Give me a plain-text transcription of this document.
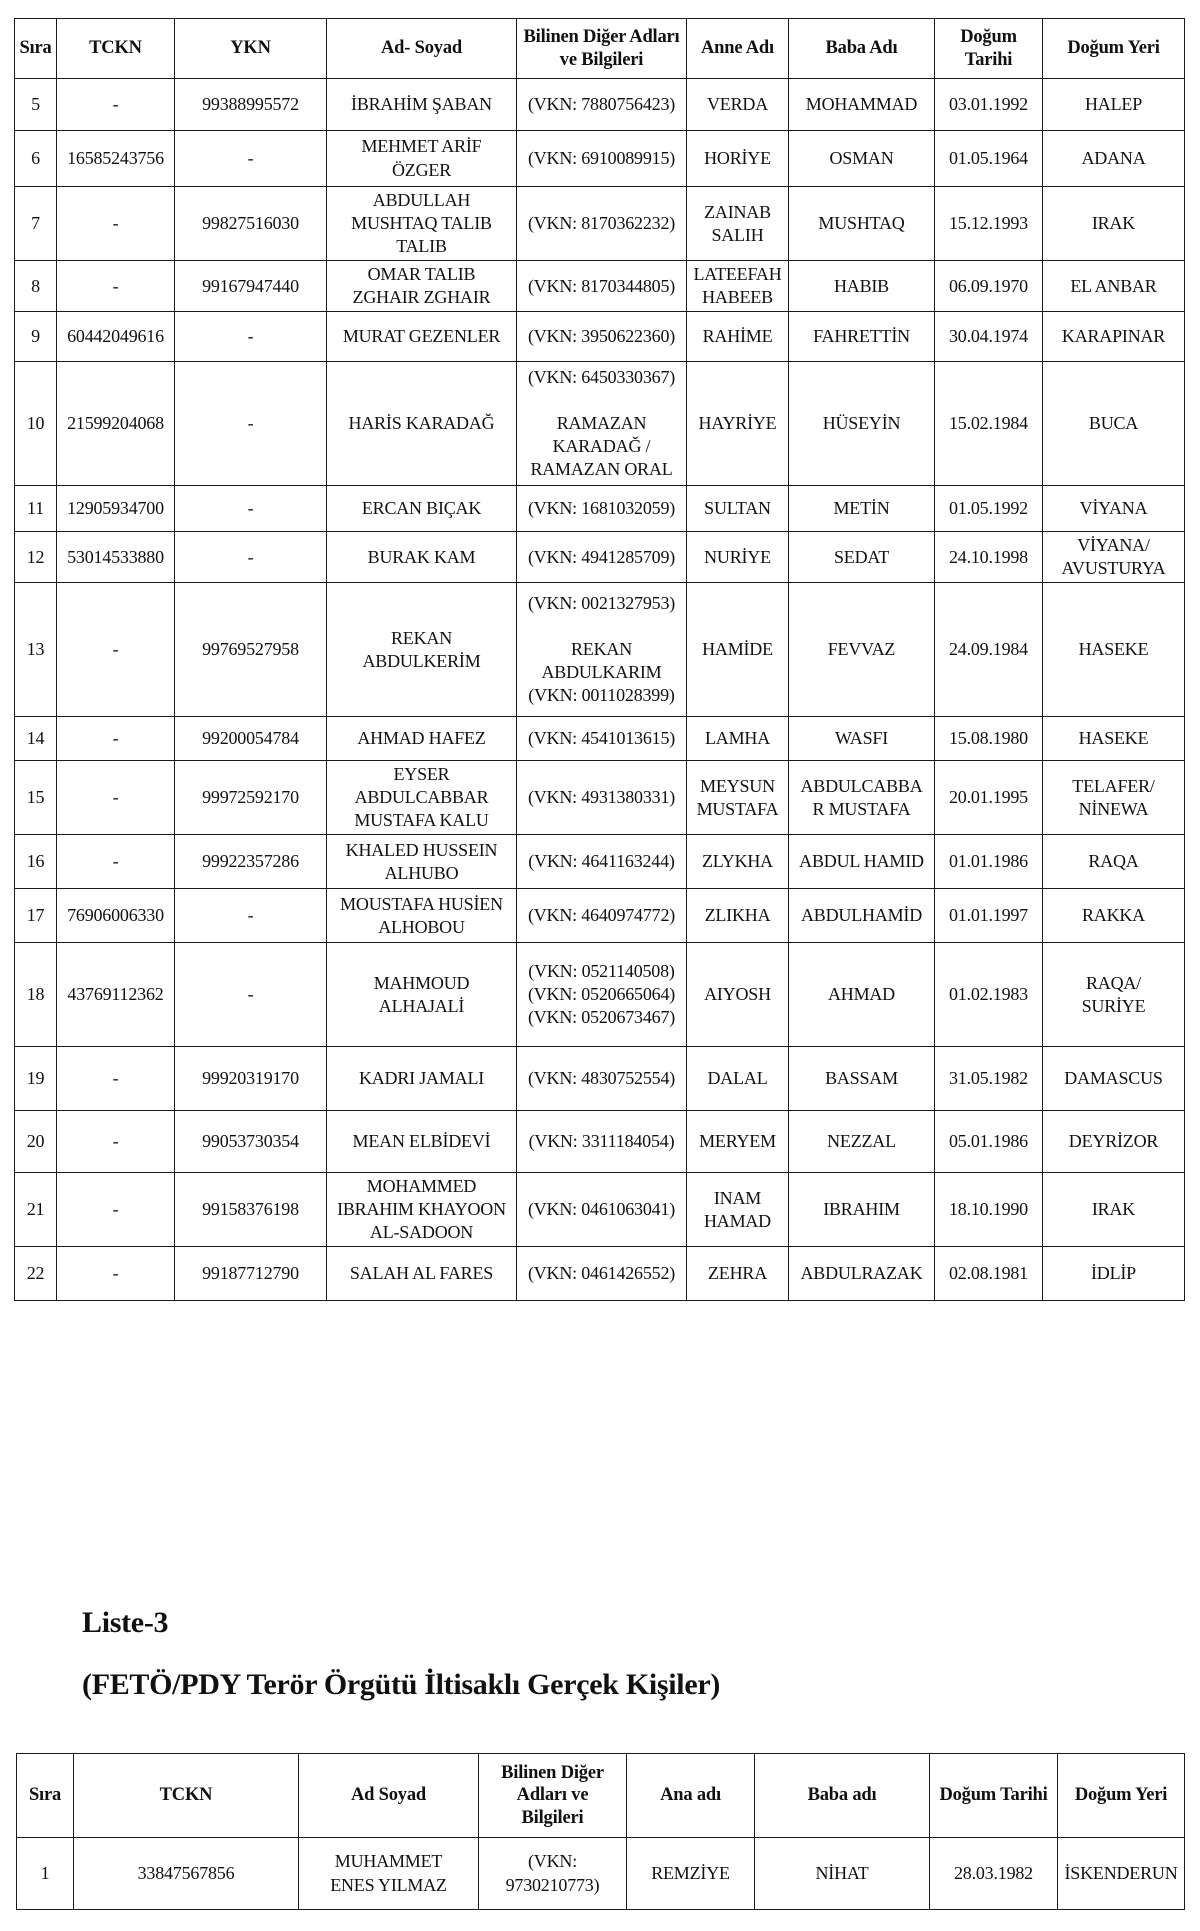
Sıra	TCKN	YKN	Ad- Soyad	Bilinen Diğer Adları
ve Bilgileri	Anne Adı	Baba Adı	Doğum
Tarihi	Doğum Yeri
5	-	99388995572	İBRAHİM ŞABAN	(VKN: 7880756423)	VERDA	MOHAMMAD	03.01.1992	HALEP

6	16585243756	-	MEHMET ARİF
ÖZGER	(VKN: 6910089915)	HORİYE	OSMAN	01.05.1964	ADANA

7	-	99827516030	ABDULLAH
MUSHTAQ TALIB
TALIB	(VKN: 8170362232)	ZAINAB
SALIH	MUSHTAQ	15.12.1993	IRAK

8	-	99167947440	OMAR TALIB
ZGHAIR ZGHAIR	(VKN: 8170344805)	LATEEFAH
HABEEB	HABIB	06.09.1970	EL ANBAR

9	60442049616	-	MURAT GEZENLER	(VKN: 3950622360)	RAHİME	FAHRETTİN	30.04.1974	KARAPINAR

10	21599204068	-	HARİS KARADAĞ	(VKN: 6450330367)
RAMAZAN
KARADAĞ /
RAMAZAN ORAL	HAYRİYE	HÜSEYİN	15.02.1984	BUCA

11	12905934700	-	ERCAN BIÇAK	(VKN: 1681032059)	SULTAN	METİN	01.05.1992	VİYANA

12	53014533880	-	BURAK KAM	(VKN: 4941285709)	NURİYE	SEDAT	24.10.1998	VİYANA/
AVUSTURYA

13	-	99769527958	REKAN
ABDULKERİM	(VKN: 0021327953)
REKAN
ABDULKARIM
(VKN: 0011028399)	HAMİDE	FEVVAZ	24.09.1984	HASEKE

14	-	99200054784	AHMAD HAFEZ	(VKN: 4541013615)	LAMHA	WASFI	15.08.1980	HASEKE

15	-	99972592170	EYSER
ABDULCABBAR
MUSTAFA KALU	(VKN: 4931380331)	MEYSUN
MUSTAFA	ABDULCABBA
R MUSTAFA	20.01.1995	TELAFER/
NİNEWA

16	-	99922357286	KHALED HUSSEIN
ALHUBO	(VKN: 4641163244)	ZLYKHA	ABDUL HAMID	01.01.1986	RAQA

17	76906006330	-	MOUSTAFA HUSİEN
ALHOBOU	(VKN: 4640974772)	ZLIKHA	ABDULHAMİD	01.01.1997	RAKKA

18	43769112362	-	MAHMOUD
ALHAJALİ	(VKN: 0521140508)
(VKN: 0520665064)
(VKN: 0520673467)	AIYOSH	AHMAD	01.02.1983	RAQA/
SURİYE

19	-	99920319170	KADRI JAMALI	(VKN: 4830752554)	DALAL	BASSAM	31.05.1982	DAMASCUS

20	-	99053730354	MEAN ELBİDEVİ	(VKN: 3311184054)	MERYEM	NEZZAL	05.01.1986	DEYRİZOR

21	-	99158376198	MOHAMMED
IBRAHIM KHAYOON
AL-SADOON	(VKN: 0461063041)	INAM
HAMAD	IBRAHIM	18.10.1990	IRAK

22	-	99187712790	SALAH AL FARES	(VKN: 0461426552)	ZEHRA	ABDULRAZAK	02.08.1981	İDLİP
Liste-3
(FETÖ/PDY Terör Örgütü İltisaklı Gerçek Kişiler)
Sıra	TCKN	Ad Soyad	Bilinen Diğer
Adları ve
Bilgileri	Ana adı	Baba adı	Doğum Tarihi	Doğum Yeri
1	33847567856	MUHAMMET
ENES YILMAZ	(VKN:
9730210773)	REMZİYE	NİHAT	28.03.1982	İSKENDERUN
